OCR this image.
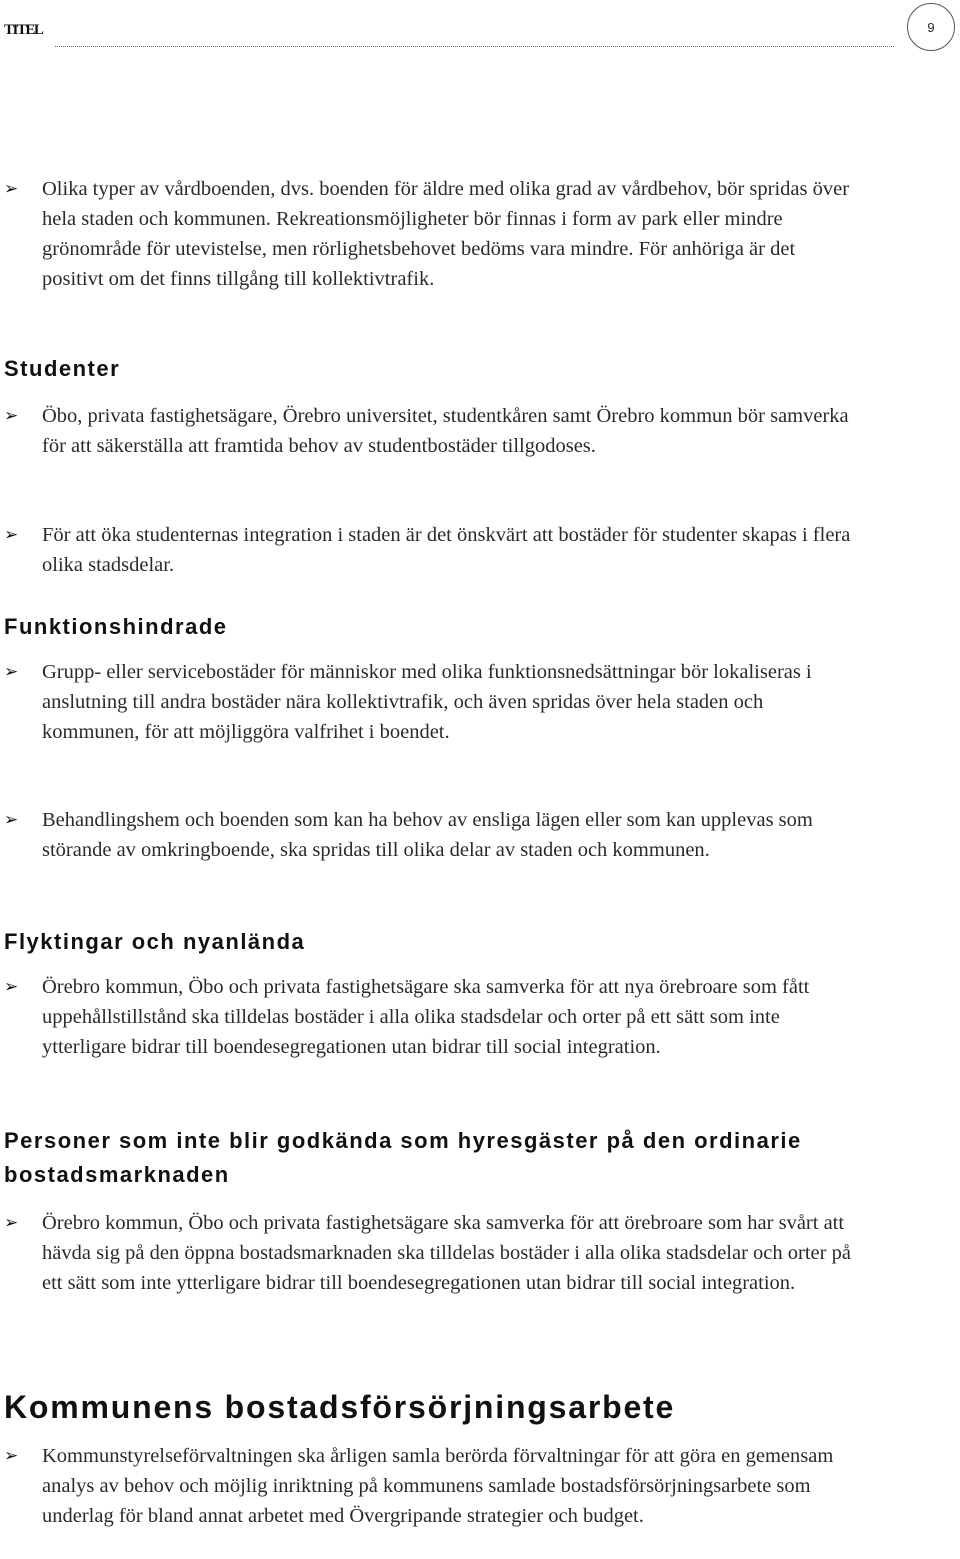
TITEL	9
➢	Olika typer av vårdboenden, dvs. boenden för äldre med olika grad av vårdbehov, bör spridas över hela staden och kommunen. Rekreationsmöjligheter bör finnas i form av park eller mindre grönområde för utevistelse, men rörlighetsbehovet bedöms vara mindre. För anhöriga är det positivt om det finns tillgång till kollektivtrafik.
Studenter
➢	Öbo, privata fastighetsägare, Örebro universitet, studentkåren samt Örebro kommun bör samverka för att säkerställa att framtida behov av studentbostäder tillgodoses.
➢	För att öka studenternas integration i staden är det önskvärt att bostäder för studenter skapas i flera olika stadsdelar.
Funktionshindrade
➢	Grupp- eller servicebostäder för människor med olika funktionsnedsättningar bör lokaliseras i anslutning till andra bostäder nära kollektivtrafik, och även spridas över hela staden och kommunen, för att möjliggöra valfrihet i boendet.
➢	Behandlingshem och boenden som kan ha behov av ensliga lägen eller som kan upplevas som störande av omkringboende, ska spridas till olika delar av staden och kommunen.
Flyktingar och nyanlända
➢	Örebro kommun, Öbo och privata fastighetsägare ska samverka för att nya örebroare som fått uppehållstillstånd ska tilldelas bostäder i alla olika stadsdelar och orter på ett sätt som inte ytterligare bidrar till boendesegregationen utan bidrar till social integration.
Personer som inte blir godkända som hyresgäster på den ordinarie bostadsmarknaden
➢	Örebro kommun, Öbo och privata fastighetsägare ska samverka för att örebroare som har svårt att hävda sig på den öppna bostadsmarknaden ska tilldelas bostäder i alla olika stadsdelar och orter på ett sätt som inte ytterligare bidrar till boendesegregationen utan bidrar till social integration.
Kommunens bostadsförsörjningsarbete
➢	Kommunstyrelseförvaltningen ska årligen samla berörda förvaltningar för att göra en gemensam analys av behov och möjlig inriktning på kommunens samlade bostadsförsörjningsarbete som underlag för bland annat arbetet med Övergripande strategier och budget.
